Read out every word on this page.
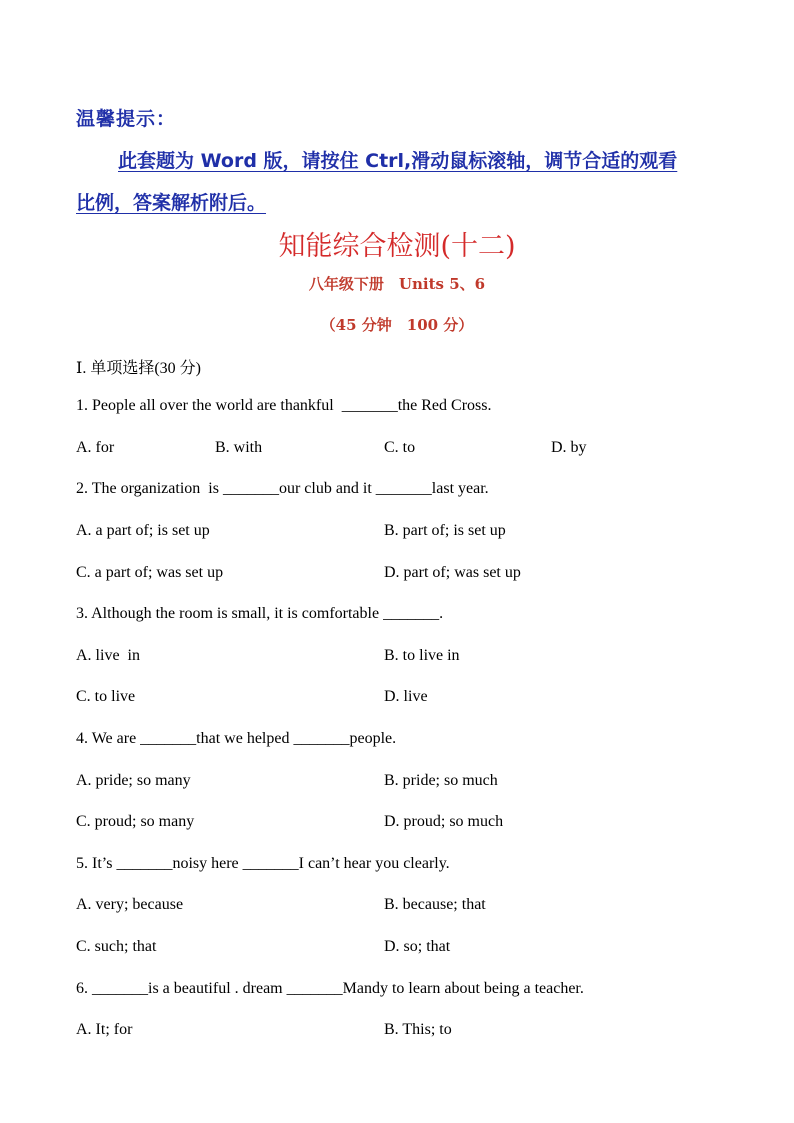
温馨提示：
此套题为 Word 版，请按住 Ctrl,滑动鼠标滚轴，调节合适的观看
比例，答案解析附后。
知能综合检测(十二)
八年级下册　Units 5、6
（45 分钟　100 分）
Ⅰ. 单项选择(30 分)
1. People all over the world are thankful  _______the Red Cross.
A. for	B. with	C. to	D. by
2. The organization  is _______our club and it _______last year.
A. a part of; is set up	B. part of; is set up
C. a part of; was set up	D. part of; was set up
3. Although the room is small, it is comfortable _______.
A. live  in	B. to live in
C. to live	D. live
4. We are _______that we helped _______people.
A. pride; so many	B. pride; so much
C. proud; so many	D. proud; so much
5. It’s _______noisy here _______I can’t hear you clearly.
A. very; because	B. because; that
C. such; that	D. so; that
6. _______is a beautiful . dream _______Mandy to learn about being a teacher.
A. It; for	B. This; to
